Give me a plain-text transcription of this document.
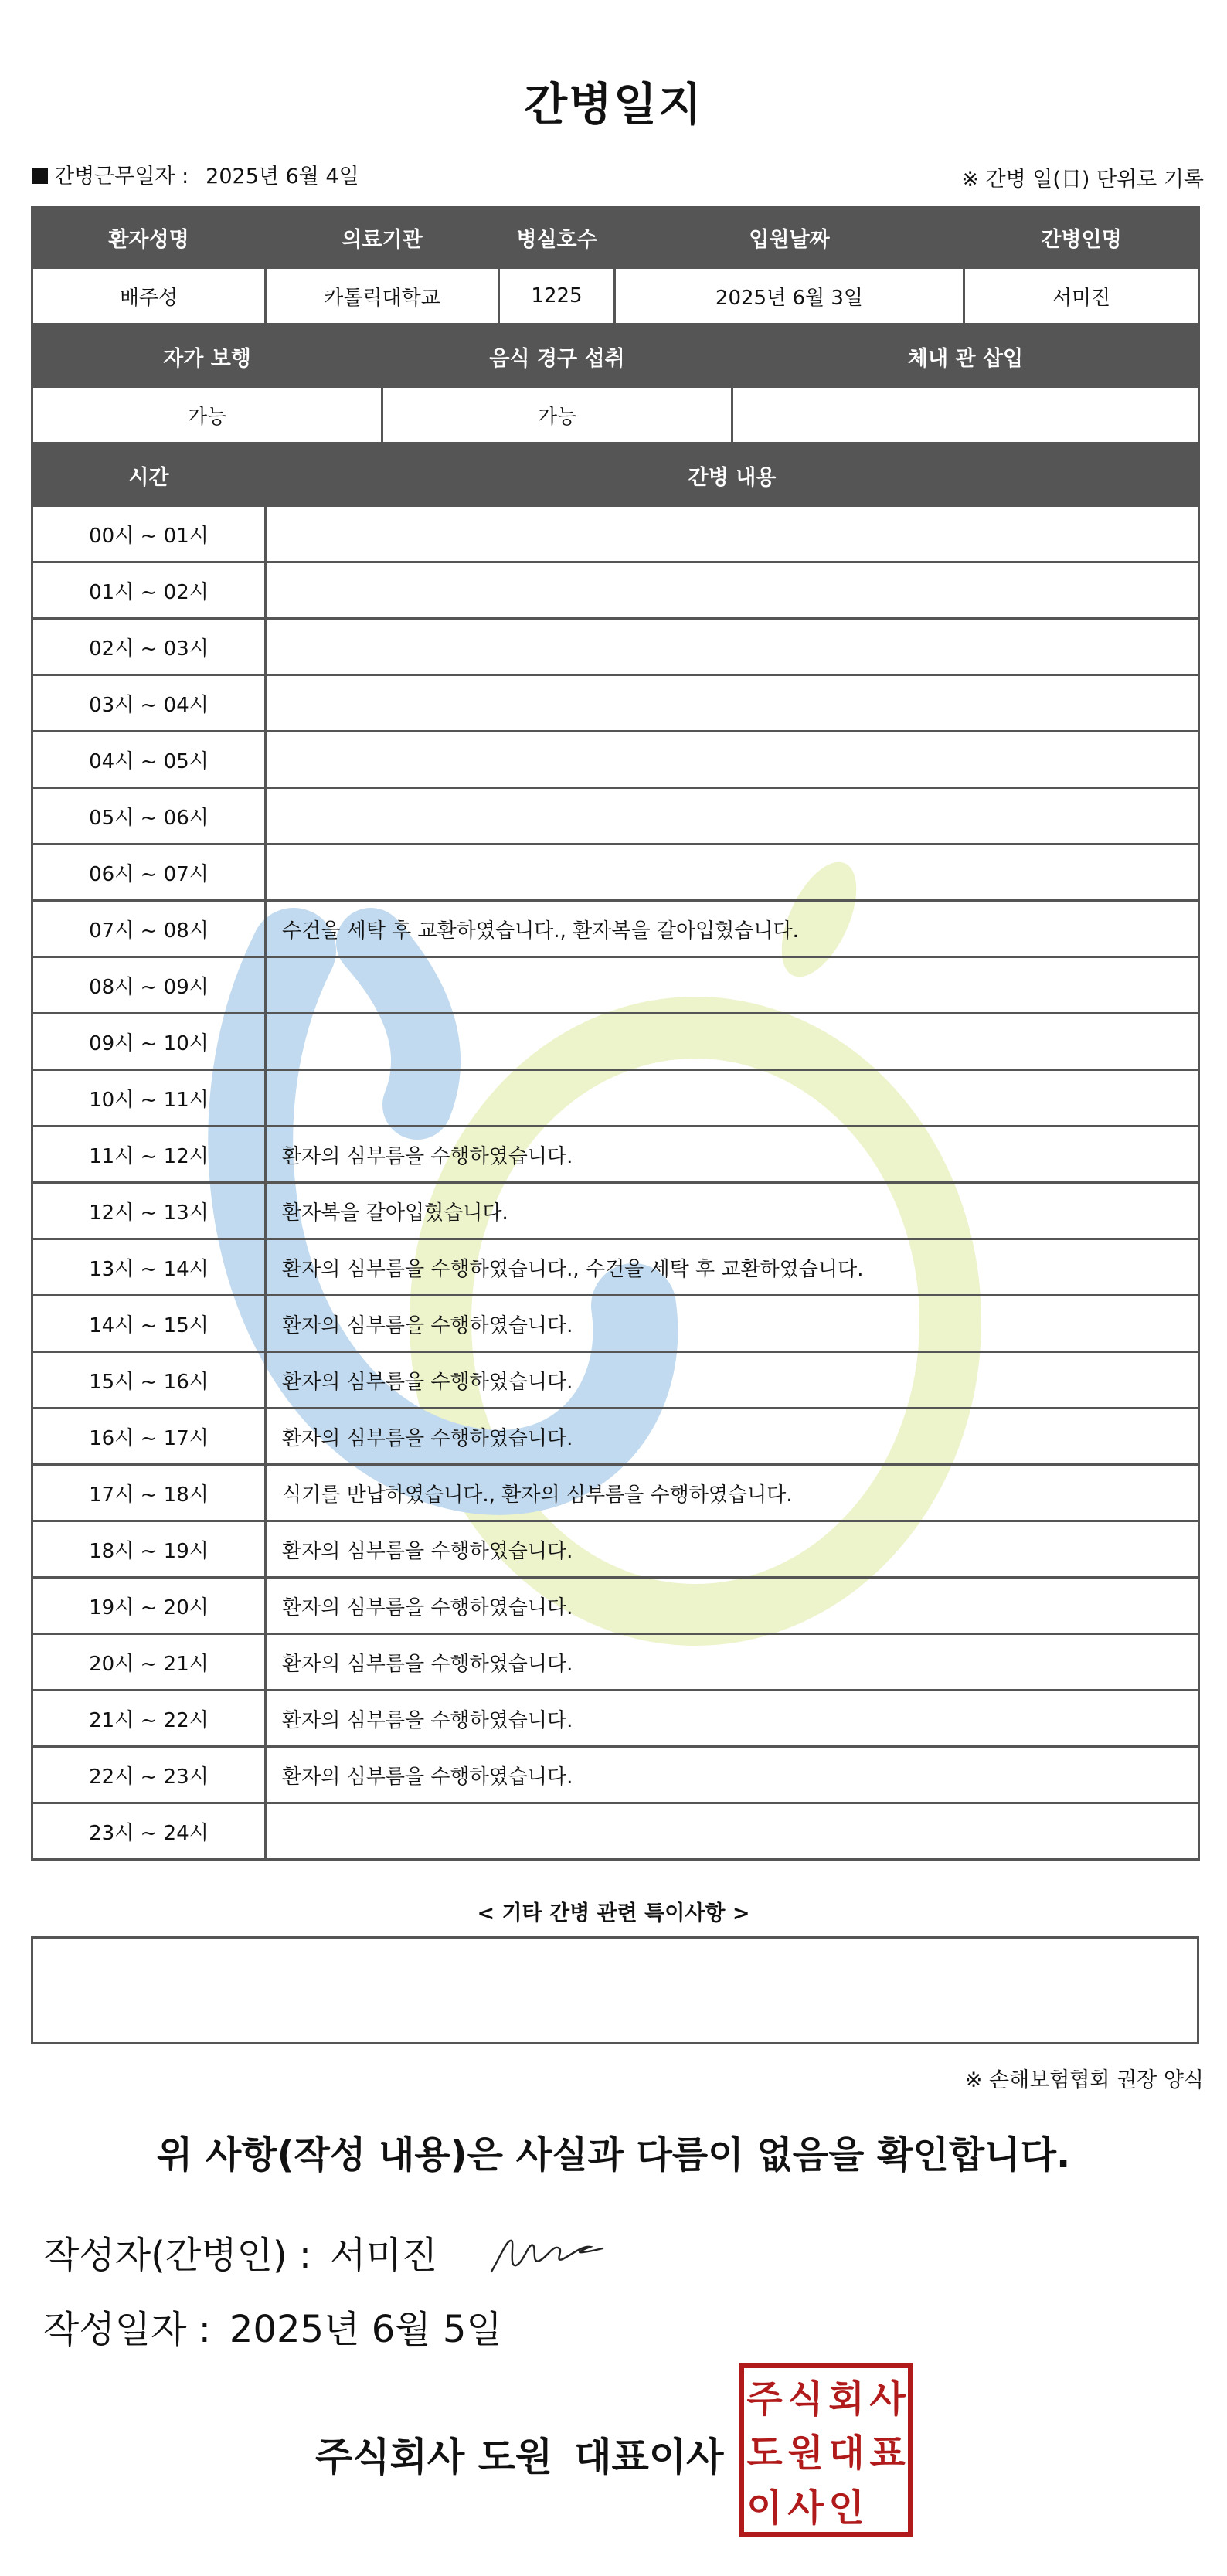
간병일지
간병근무일자 : 2025년 6월 4일	※ 간병 일(日) 단위로 기록
환자성명	의료기관	병실호수	입원날짜	간병인명
배주성	카톨릭대학교	1225	2025년 6월 3일	서미진
자가 보행	음식 경구 섭취	체내 관 삽입
가능	가능	
시간	간병 내용
00시 ~ 01시	
01시 ~ 02시	
02시 ~ 03시	
03시 ~ 04시	
04시 ~ 05시	
05시 ~ 06시	
06시 ~ 07시	
07시 ~ 08시	수건을 세탁 후 교환하였습니다., 환자복을 갈아입혔습니다.
08시 ~ 09시	
09시 ~ 10시	
10시 ~ 11시	
11시 ~ 12시	환자의 심부름을 수행하였습니다.
12시 ~ 13시	환자복을 갈아입혔습니다.
13시 ~ 14시	환자의 심부름을 수행하였습니다., 수건을 세탁 후 교환하였습니다.
14시 ~ 15시	환자의 심부름을 수행하였습니다.
15시 ~ 16시	환자의 심부름을 수행하였습니다.
16시 ~ 17시	환자의 심부름을 수행하였습니다.
17시 ~ 18시	식기를 반납하였습니다., 환자의 심부름을 수행하였습니다.
18시 ~ 19시	환자의 심부름을 수행하였습니다.
19시 ~ 20시	환자의 심부름을 수행하였습니다.
20시 ~ 21시	환자의 심부름을 수행하였습니다.
21시 ~ 22시	환자의 심부름을 수행하였습니다.
22시 ~ 23시	환자의 심부름을 수행하였습니다.
23시 ~ 24시	
< 기타 간병 관련 특이사항 >
※ 손해보험협회 권장 양식
위 사항(작성 내용)은 사실과 다름이 없음을 확인합니다.
작성자(간병인) : 서미진
작성일자 : 2025년 6월 5일
주식회사 도원 대표이사
주 식 회 사
도 원 대 표
이 사 인
